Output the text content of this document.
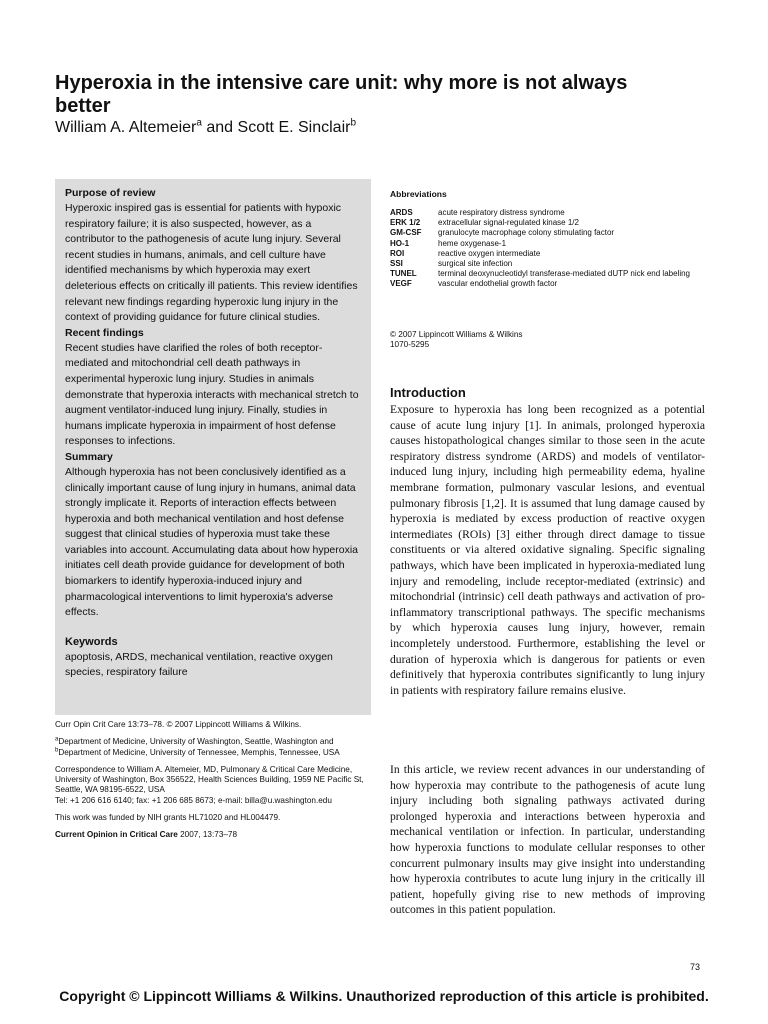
Hyperoxia in the intensive care unit: why more is not always better
William A. Altemeier$^a$ and Scott E. Sinclair$^b$
Purpose of review

Hyperoxic inspired gas is essential for patients with hypoxic respiratory failure; it is also suspected, however, as a contributor to the pathogenesis of acute lung injury. Several recent studies in humans, animals, and cell culture have identified mechanisms by which hyperoxia may exert deleterious effects on critically ill patients. This review identifies relevant new findings regarding hyperoxic lung injury in the context of providing guidance for future clinical studies.

Recent findings

Recent studies have clarified the roles of both receptor-mediated and mitochondrial cell death pathways in experimental hyperoxic lung injury. Studies in animals demonstrate that hyperoxia interacts with mechanical stretch to augment ventilator-induced lung injury. Finally, studies in humans implicate hyperoxia in impairment of host defense responses to infections.

Summary

Although hyperoxia has not been conclusively identified as a clinically important cause of lung injury in humans, animal data strongly implicate it. Reports of interaction effects between hyperoxia and both mechanical ventilation and host defense suggest that clinical studies of hyperoxia must take these variables into account. Accumulating data about how hyperoxia initiates cell death provide guidance for development of both biomarkers to identify hyperoxia-induced injury and pharmacological interventions to limit hyperoxia's adverse effects.

Keywords

apoptosis, ARDS, mechanical ventilation, reactive oxygen species, respiratory failure

Curr Opin Crit Care 13:73–78. © 2007 Lippincott Williams & Wilkins.

$^a$Department of Medicine, University of Washington, Seattle, Washington and
$^b$Department of Medicine, University of Tennessee, Memphis, Tennessee, USA

Correspondence to William A. Altemeier, MD, Pulmonary & Critical Care Medicine, University of Washington, Box 356522, Health Sciences Building, 1959 NE Pacific St, Seattle, WA 98195-6522, USA
Tel: +1 206 616 6140; fax: +1 206 685 8673; e-mail: billa@u.washington.edu

This work was funded by NIH grants HL71020 and HL004479.

Current Opinion in Critical Care 2007, 13:73–78

Abbreviations
ARDS	acute respiratory distress syndrome
ERK 1/2	extracellular signal-regulated kinase 1/2
GM-CSF	granulocyte macrophage colony stimulating factor
HO-1	heme oxygenase-1
ROI	reactive oxygen intermediate
SSI	surgical site infection
TUNEL	terminal deoxynucleotidyl transferase-mediated dUTP nick end labeling
VEGF	vascular endothelial growth factor
© 2007 Lippincott Williams & Wilkins
1070-5295
Introduction

Exposure to hyperoxia has long been recognized as a potential cause of acute lung injury [1]. In animals, prolonged hyperoxia causes histopathological changes similar to those seen in the acute respiratory distress syndrome (ARDS) and models of ventilator-induced lung injury, including high permeability edema, hyaline membrane formation, pulmonary vascular lesions, and eventual pulmonary fibrosis [1,2]. It is assumed that lung damage caused by hyperoxia is mediated by excess production of reactive oxygen intermediates (ROIs) [3] either through direct damage to tissue constituents or via altered oxidative signaling. Specific signaling pathways, which have been implicated in hyperoxia-mediated lung injury and remodeling, include receptor-mediated (extrinsic) and mitochondrial (intrinsic) cell death pathways and activation of pro-inflammatory transcriptional pathways. The specific mechanisms by which hyperoxia causes lung injury, however, remain incompletely understood. Furthermore, establishing the level or duration of hyperoxia which is dangerous for patients or even definitively that hyperoxia contributes significantly to lung injury in patients with respiratory failure remains elusive.

In this article, we review recent advances in our understanding of how hyperoxia may contribute to the pathogenesis of acute lung injury including both signaling pathways activated during prolonged hyperoxia and interactions between hyperoxia and mechanical ventilation or infection. In particular, understanding how hyperoxia functions to modulate cellular responses to other concurrent pulmonary insults may give insight into understanding how hyperoxia contributes to acute lung injury in the critically ill patient, hopefully giving rise to new methods of improving outcomes in this patient population.

73
Copyright © Lippincott Williams & Wilkins. Unauthorized reproduction of this article is prohibited.
